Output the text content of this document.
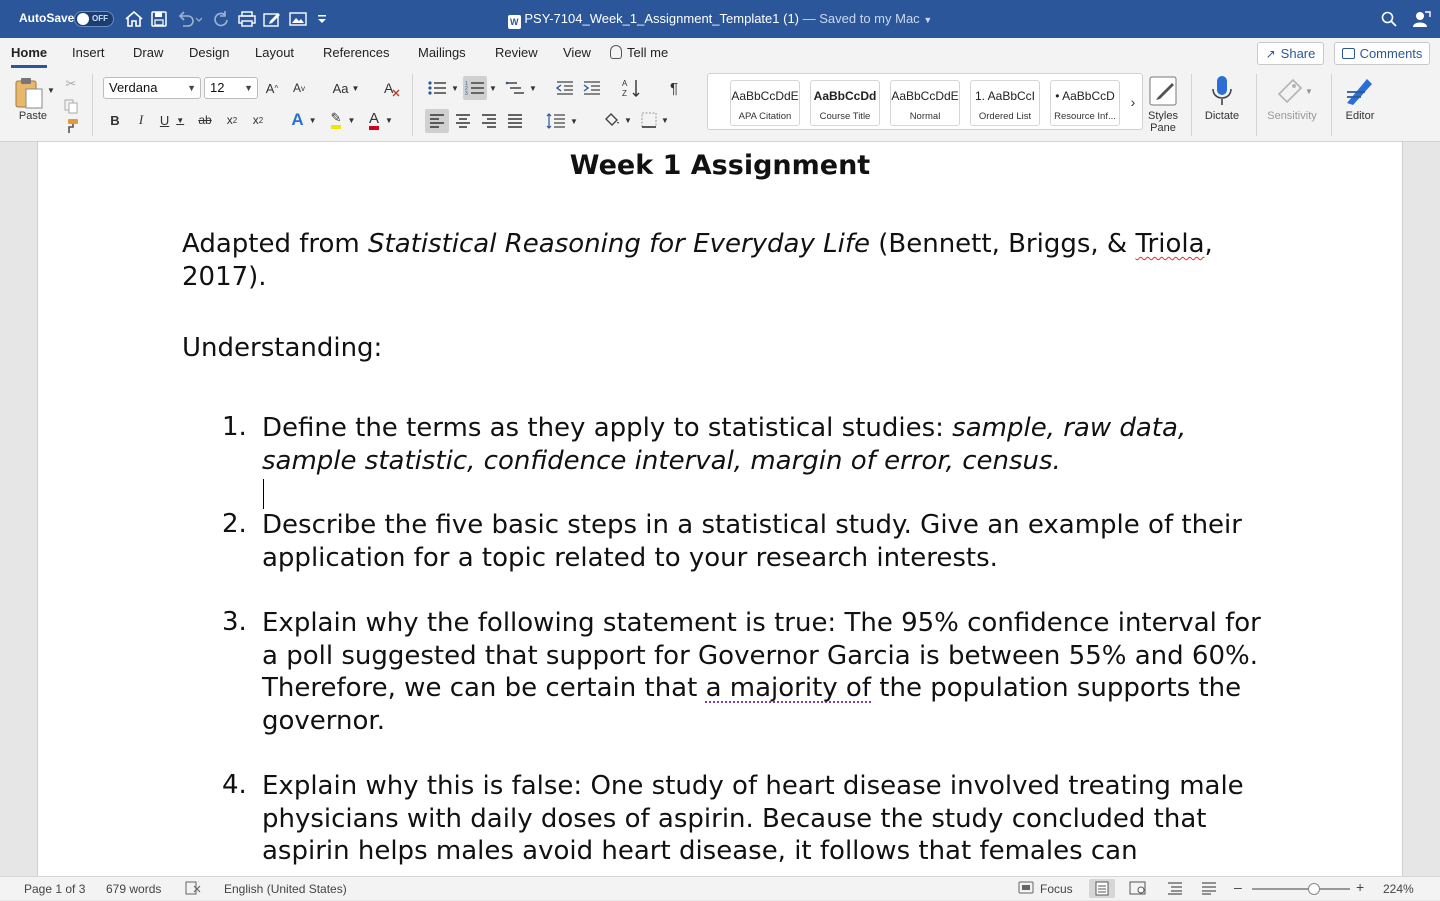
AutoSave OFF	W PSY-7104_Week_1_Assignment_Template1 (1) — Saved to my Mac ▼
Home Insert Draw Design Layout References Mailings Review View	Tell me	↗ Share	Comments
▼
Paste
✂	Verdana	▼	12 ▼ A ^	A v Aa ▼ A
B	I	U ▼ ab	x 2	x 2 A ▼ ✎ ▼ A ▼
▼ 1
2
3
▼	▼	A
Z	¶
▼	▼	▼
AaBbCcDdE
APA Citation
AaBbCcDd
Course Title
AaBbCcDdE
Normal
1. AaBbCcI
Ordered List
• AaBbCcD
Resource Inf...
›
Styles Pane
Dictate
▼
Sensitivity	Editor
Week 1 Assignment
Adapted from Statistical Reasoning for Everyday Life (Bennett, Briggs, & Triola, 2017).
Understanding:
1. Define the terms as they apply to statistical studies: sample, raw data, sample statistic, confidence interval, margin of error, census.
2. Describe the five basic steps in a statistical study. Give an example of their application for a topic related to your research interests.
3. Explain why the following statement is true: The 95% confidence interval for a poll suggested that support for Governor Garcia is between 55% and 60%. Therefore, we can be certain that a majority of the population supports the governor.
4. Explain why this is false: One study of heart disease involved treating male physicians with daily doses of aspirin. Because the study concluded that aspirin helps males avoid heart disease, it follows that females can
Page 1 of 3 679 words	English (United States)	Focus	–	+ 224%
